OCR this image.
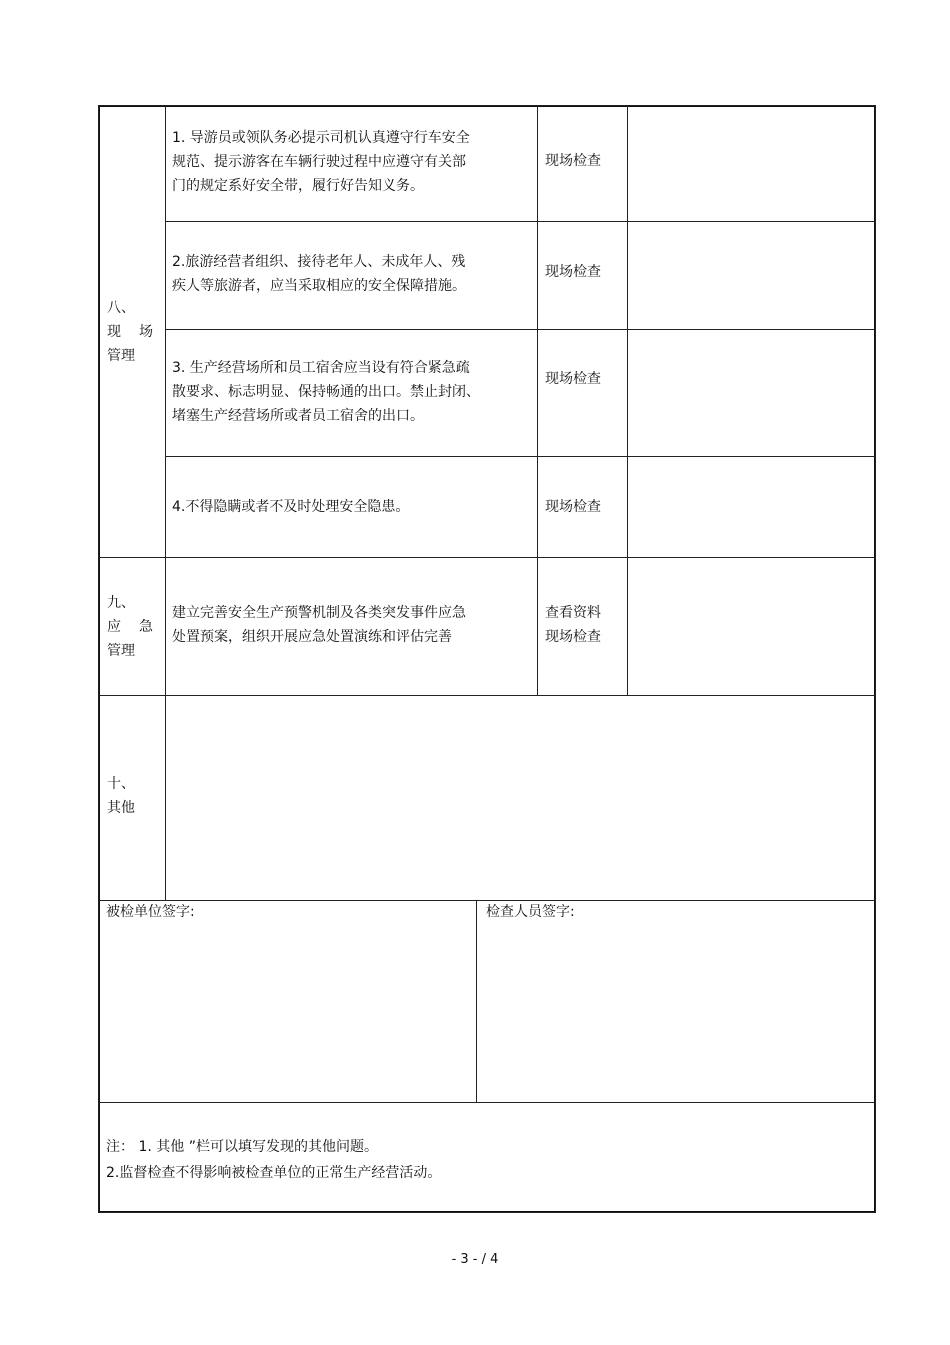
八、
现 场
管理
1. 导游员或领队务必提示司机认真遵守行车安全
规范、提示游客在车辆行驶过程中应遵守有关部
门的规定系好安全带，履行好告知义务。
现场检查
2.旅游经营者组织、接待老年人、未成年人、残
疾人等旅游者，应当采取相应的安全保障措施。
现场检查
3. 生产经营场所和员工宿舍应当设有符合紧急疏
散要求、标志明显、保持畅通的出口。禁止封闭、
堵塞生产经营场所或者员工宿舍的出口。
现场检查
4.不得隐瞒或者不及时处理安全隐患。	现场检查
九、
应 急
管理
建立完善安全生产预警机制及各类突发事件应急
处置预案，组织开展应急处置演练和评估完善
查看资料
现场检查
十、
其他
被检单位签字:	检查人员签字:
注： 1. 其他 ”栏可以填写发现的其他问题。
2.监督检查不得影响被检查单位的正常生产经营活动。
- 3 - / 4
